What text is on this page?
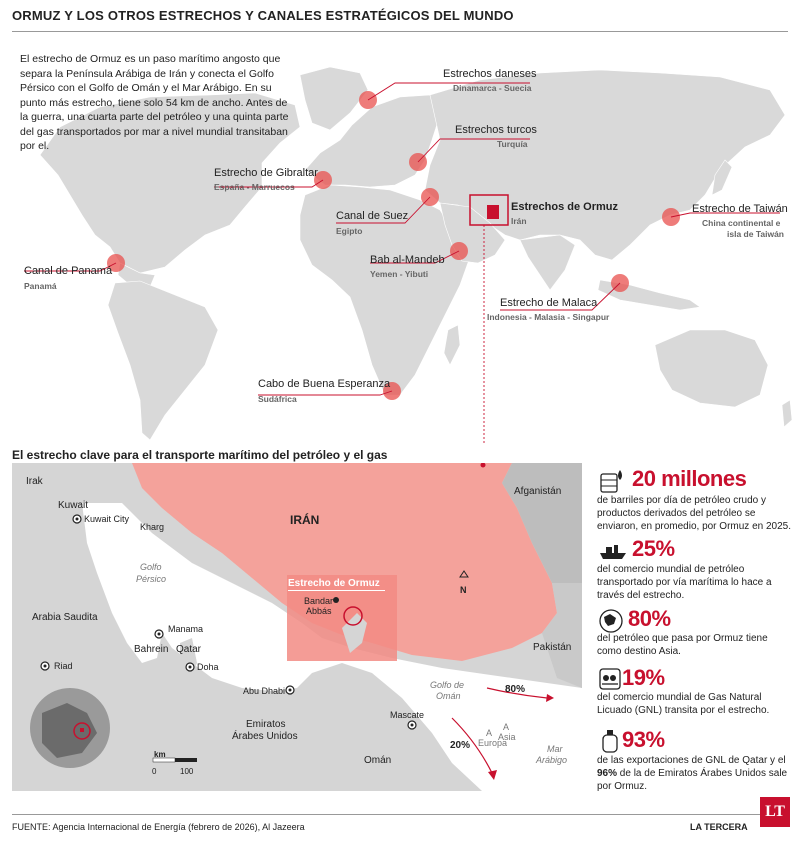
ORMUZ Y LOS OTROS ESTRECHOS Y CANALES ESTRATÉGICOS DEL MUNDO
El estrecho de Ormuz es un paso marítimo angosto que separa la Península Arábiga de Irán y conecta el Golfo Pérsico con el Golfo de Omán y el Mar Arábigo. En su punto más estrecho, tiene solo 54 km de ancho. Antes de la guerra, una cuarta parte del petróleo y una quinta parte del gas transportados por mar a nivel mundial transitaban por el.
Estrechos daneses
Dinamarca - Suecia
Estrechos turcos
Turquía
Estrecho de Gibraltar
España - Marruecos
Canal de Suez
Egipto
Estrechos de Ormuz
Irán
Estrecho de Taiwán
China continental e
isla de Taiwán
Bab al-Mandeb
Yemen - Yibuti
Canal de Panamá
Panamá
Estrecho de Malaca
Indonesia - Malasia - Singapur
Cabo de Buena Esperanza
Sudáfrica
El estrecho clave para el transporte marítimo del petróleo y el gas
Irak
Kuwait
Kuwait City
Kharg	IRÁN
Afganistán
Golfo
Pérsico
Arabia Saudita
Manama
Bahrein Qatar
Riad	Doha
Estrecho de Ormuz
Bandar
Abbás
N
Pakistán
Golfo de
Omán
Abu Dhabi	80%
A
Asia
Mascate
Emiratos
Árabes Unidos	A
Europa
20%	Mar
Arábigo
Omán
km
0	100
20 millones
de barriles por día de petróleo crudo y productos derivados del petróleo se enviaron, en promedio, por Ormuz en 2025.
25%
del comercio mundial de petróleo transportado por vía marítima lo hace a través del estrecho.
80%
del petróleo que pasa por Ormuz tiene como destino Asia.
19%
del comercio mundial de Gas Natural Licuado (GNL) transita por el estrecho.
93%
de las exportaciones de GNL de Qatar y el 96% de la de Emiratos Árabes Unidos sale por Ormuz.
FUENTE: Agencia Internacional de Energía (febrero de 2026), Al Jazeera	LA TERCERA
LT
